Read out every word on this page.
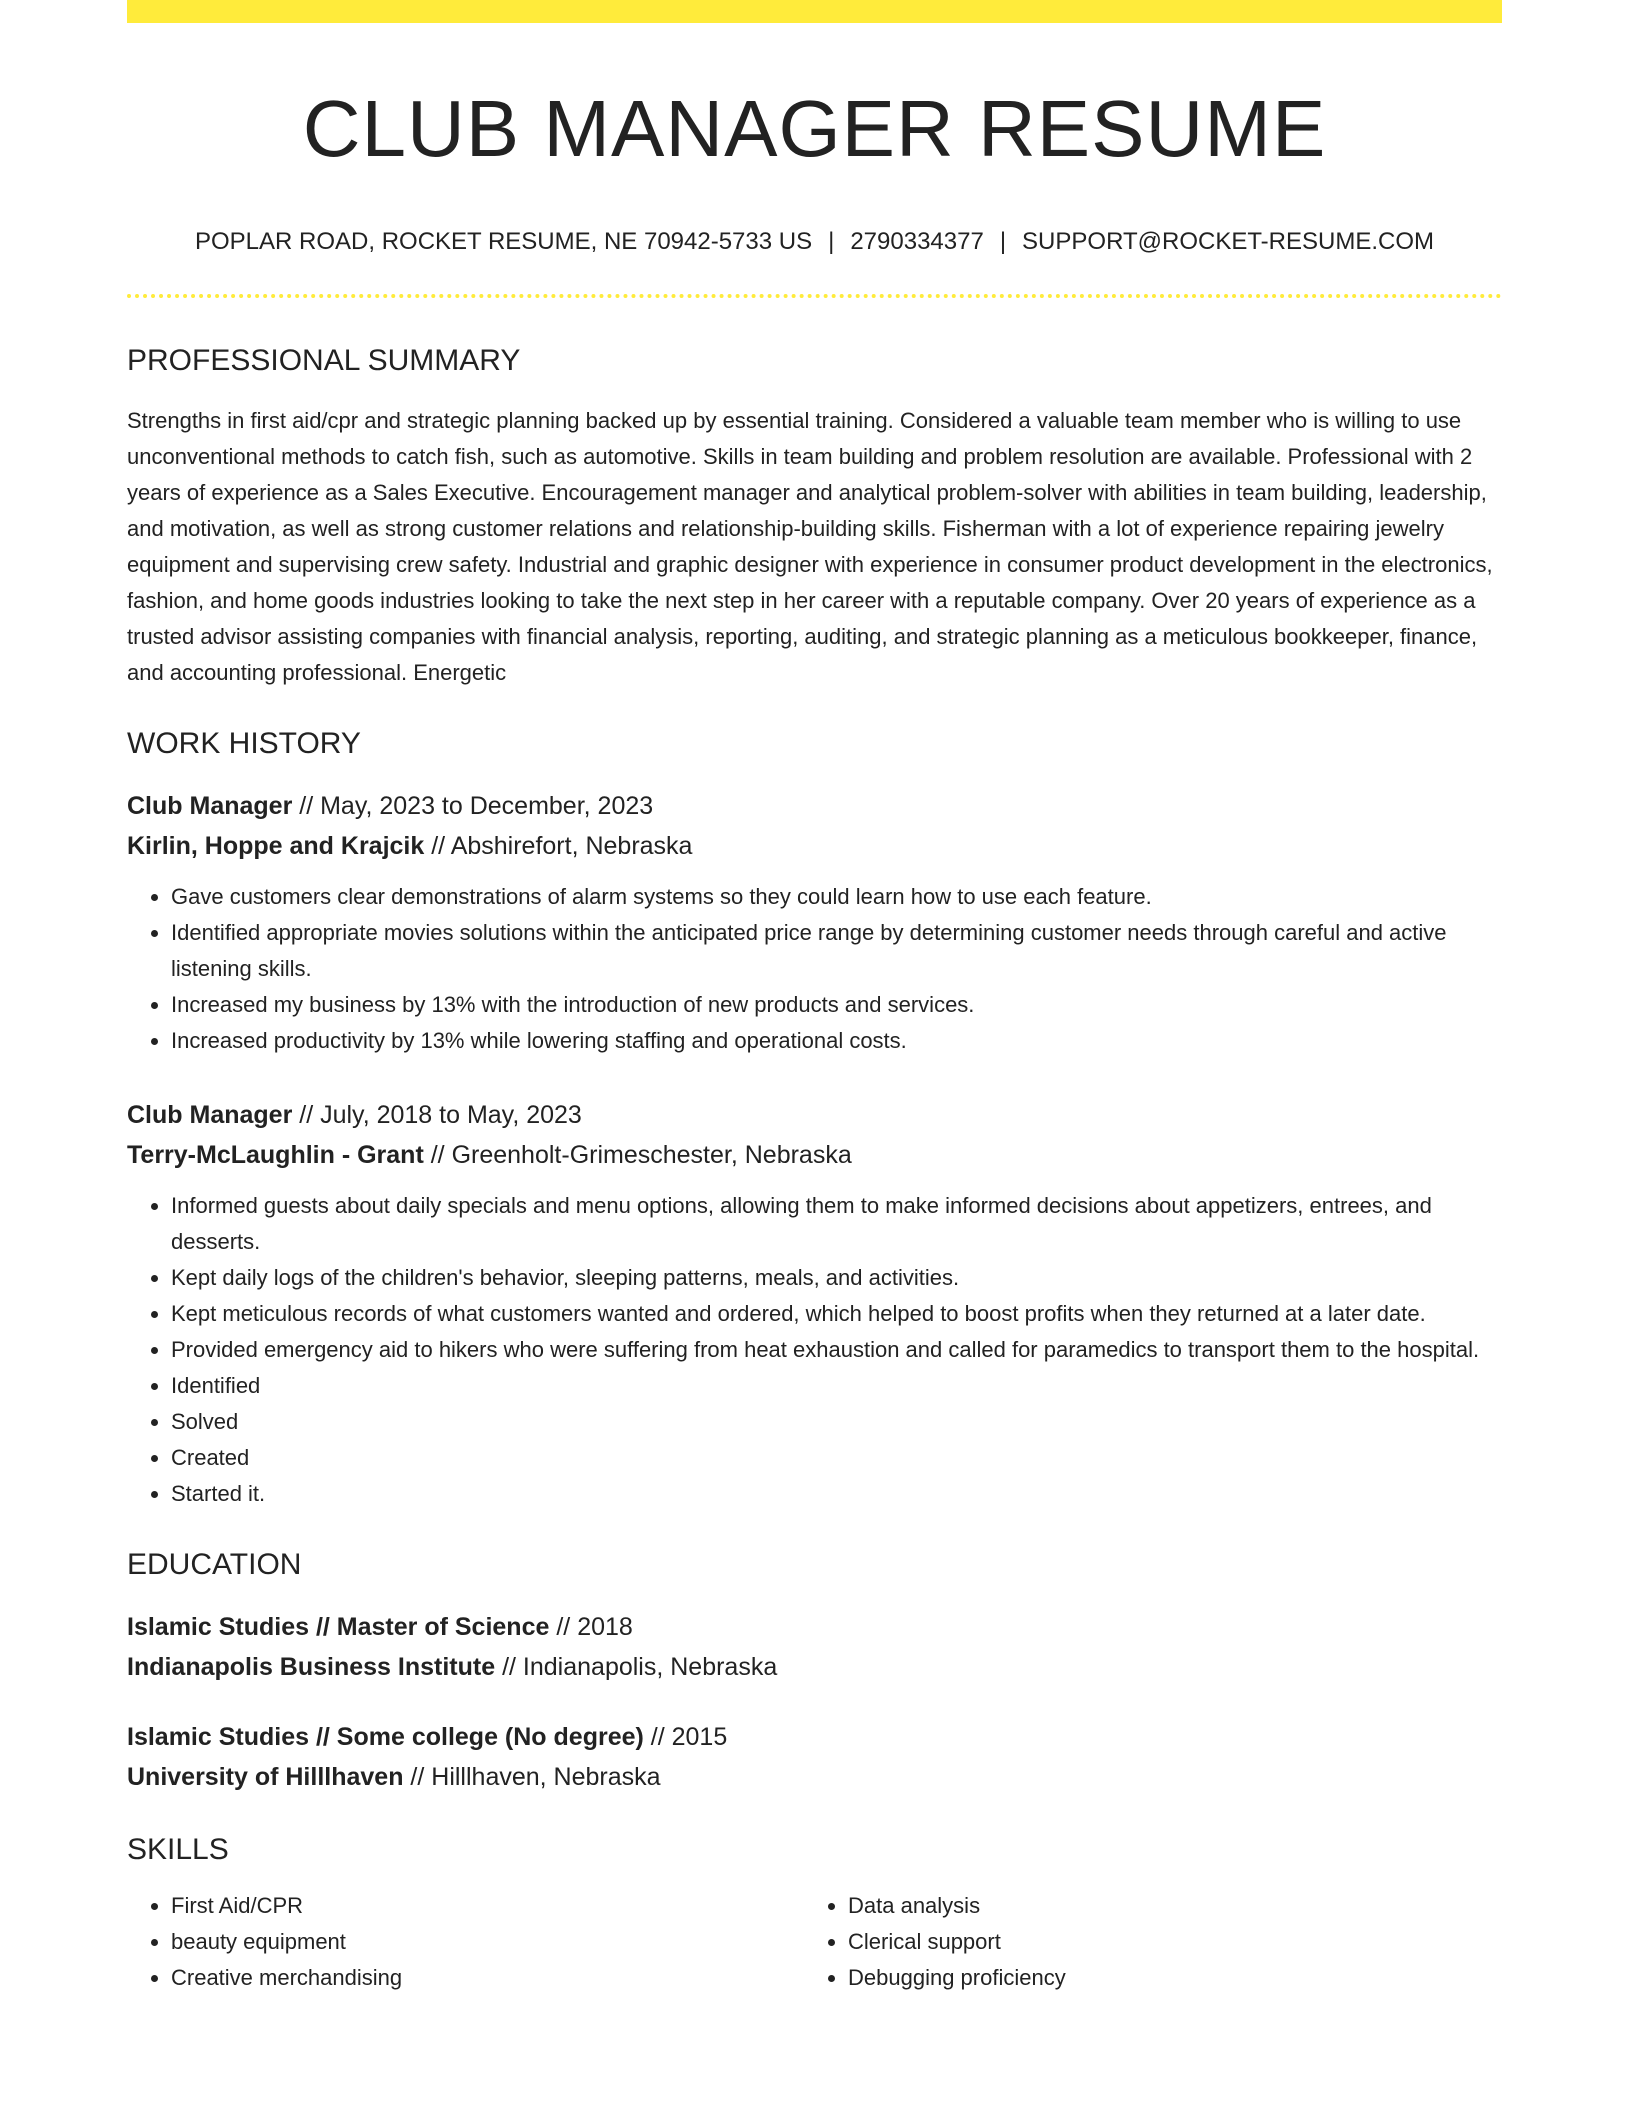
CLUB MANAGER RESUME
POPLAR ROAD, ROCKET RESUME, NE 70942-5733 US | 2790334377 | SUPPORT@ROCKET-RESUME.COM
PROFESSIONAL SUMMARY

Strengths in first aid/cpr and strategic planning backed up by essential training. Considered a valuable team member who is willing to use unconventional methods to catch fish, such as automotive. Skills in team building and problem resolution are available. Professional with 2 years of experience as a Sales Executive. Encouragement manager and analytical problem-solver with abilities in team building, leadership, and motivation, as well as strong customer relations and relationship-building skills. Fisherman with a lot of experience repairing jewelry equipment and supervising crew safety. Industrial and graphic designer with experience in consumer product development in the electronics, fashion, and home goods industries looking to take the next step in her career with a reputable company. Over 20 years of experience as a trusted advisor assisting companies with financial analysis, reporting, auditing, and strategic planning as a meticulous bookkeeper, finance, and accounting professional. Energetic

WORK HISTORY
Club Manager // May, 2023 to December, 2023
Kirlin, Hoppe and Krajcik // Abshirefort, Nebraska
• Gave customers clear demonstrations of alarm systems so they could learn how to use each feature.
• Identified appropriate movies solutions within the anticipated price range by determining customer needs through careful and active listening skills.
• Increased my business by 13% with the introduction of new products and services.
• Increased productivity by 13% while lowering staffing and operational costs.
Club Manager // July, 2018 to May, 2023
Terry-McLaughlin - Grant // Greenholt-Grimeschester, Nebraska
• Informed guests about daily specials and menu options, allowing them to make informed decisions about appetizers, entrees, and desserts.
• Kept daily logs of the children's behavior, sleeping patterns, meals, and activities.
• Kept meticulous records of what customers wanted and ordered, which helped to boost profits when they returned at a later date.
• Provided emergency aid to hikers who were suffering from heat exhaustion and called for paramedics to transport them to the hospital.
• Identified
• Solved
• Created
• Started it.
EDUCATION
Islamic Studies // Master of Science // 2018
Indianapolis Business Institute // Indianapolis, Nebraska
Islamic Studies // Some college (No degree) // 2015
University of Hilllhaven // Hilllhaven, Nebraska
SKILLS
• First Aid/CPR
• beauty equipment
• Creative merchandising
• Data analysis
• Clerical support
• Debugging proficiency
